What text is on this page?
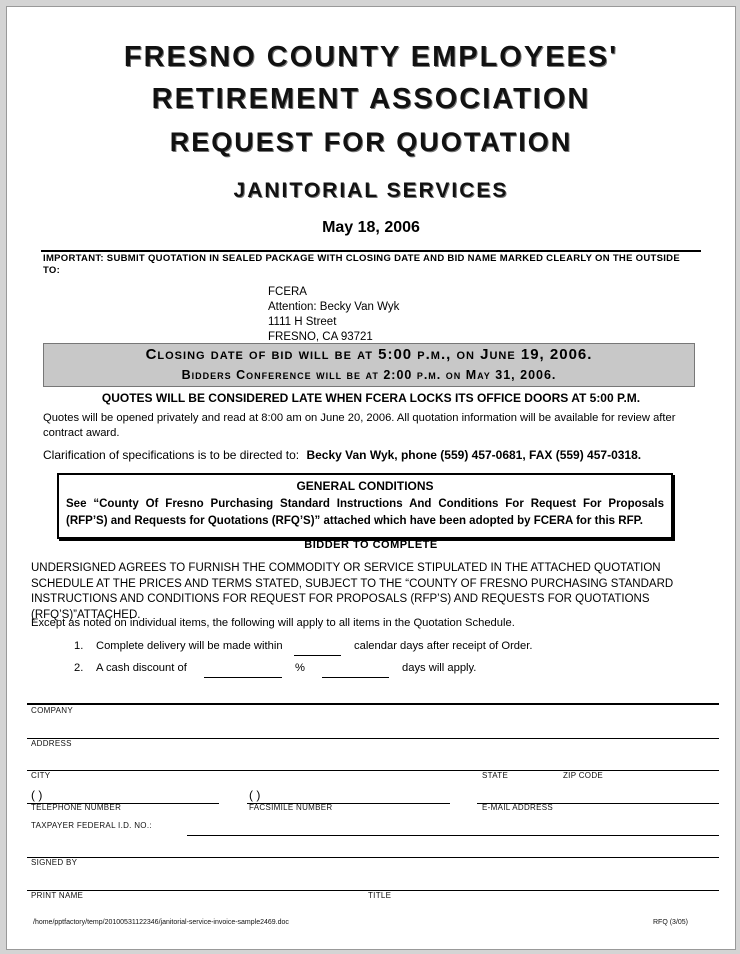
FRESNO COUNTY EMPLOYEES'
RETIREMENT ASSOCIATION
REQUEST FOR QUOTATION
JANITORIAL SERVICES
May 18, 2006
IMPORTANT: SUBMIT QUOTATION IN SEALED PACKAGE WITH CLOSING DATE AND BID NAME MARKED CLEARLY ON THE OUTSIDE TO:
FCERA
Attention: Becky Van Wyk
1111 H Street
FRESNO, CA 93721
Closing date of bid will be at 5:00 p.m., on June 19, 2006.
Bidders Conference will be at 2:00 p.m. on May 31, 2006.
QUOTES WILL BE CONSIDERED LATE WHEN FCERA LOCKS ITS OFFICE DOORS AT 5:00 P.M.
Quotes will be opened privately and read at 8:00 am on June 20, 2006. All quotation information will be available for review after contract award.
Clarification of specifications is to be directed to: Becky Van Wyk, phone (559) 457-0681, FAX (559) 457-0318.
GENERAL CONDITIONS
See “County Of Fresno Purchasing Standard Instructions And Conditions For Request For Proposals (RFP’S) and Requests for Quotations (RFQ’S)” attached which have been adopted by FCERA for this RFP.
BIDDER TO COMPLETE
UNDERSIGNED AGREES TO FURNISH THE COMMODITY OR SERVICE STIPULATED IN THE ATTACHED QUOTATION SCHEDULE AT THE PRICES AND TERMS STATED, SUBJECT TO THE “COUNTY OF FRESNO PURCHASING STANDARD INSTRUCTIONS AND CONDITIONS FOR REQUEST FOR PROPOSALS (RFP’S) AND REQUESTS FOR QUOTATIONS (RFQ’S)”ATTACHED.
Except as noted on individual items, the following will apply to all items in the Quotation Schedule.
1. Complete delivery will be made within	calendar days after receipt of Order.
2. A cash discount of	%	days will apply.
COMPANY
ADDRESS
CITY	STATE	ZIP CODE
( )	( )
TELEPHONE NUMBER	FACSIMILE NUMBER	E-MAIL ADDRESS
TAXPAYER FEDERAL I.D. NO.:
SIGNED BY
PRINT NAME	TITLE
/home/pptfactory/temp/20100531122346/janitorial-service-invoice-sample2469.doc	RFQ (3/05)
